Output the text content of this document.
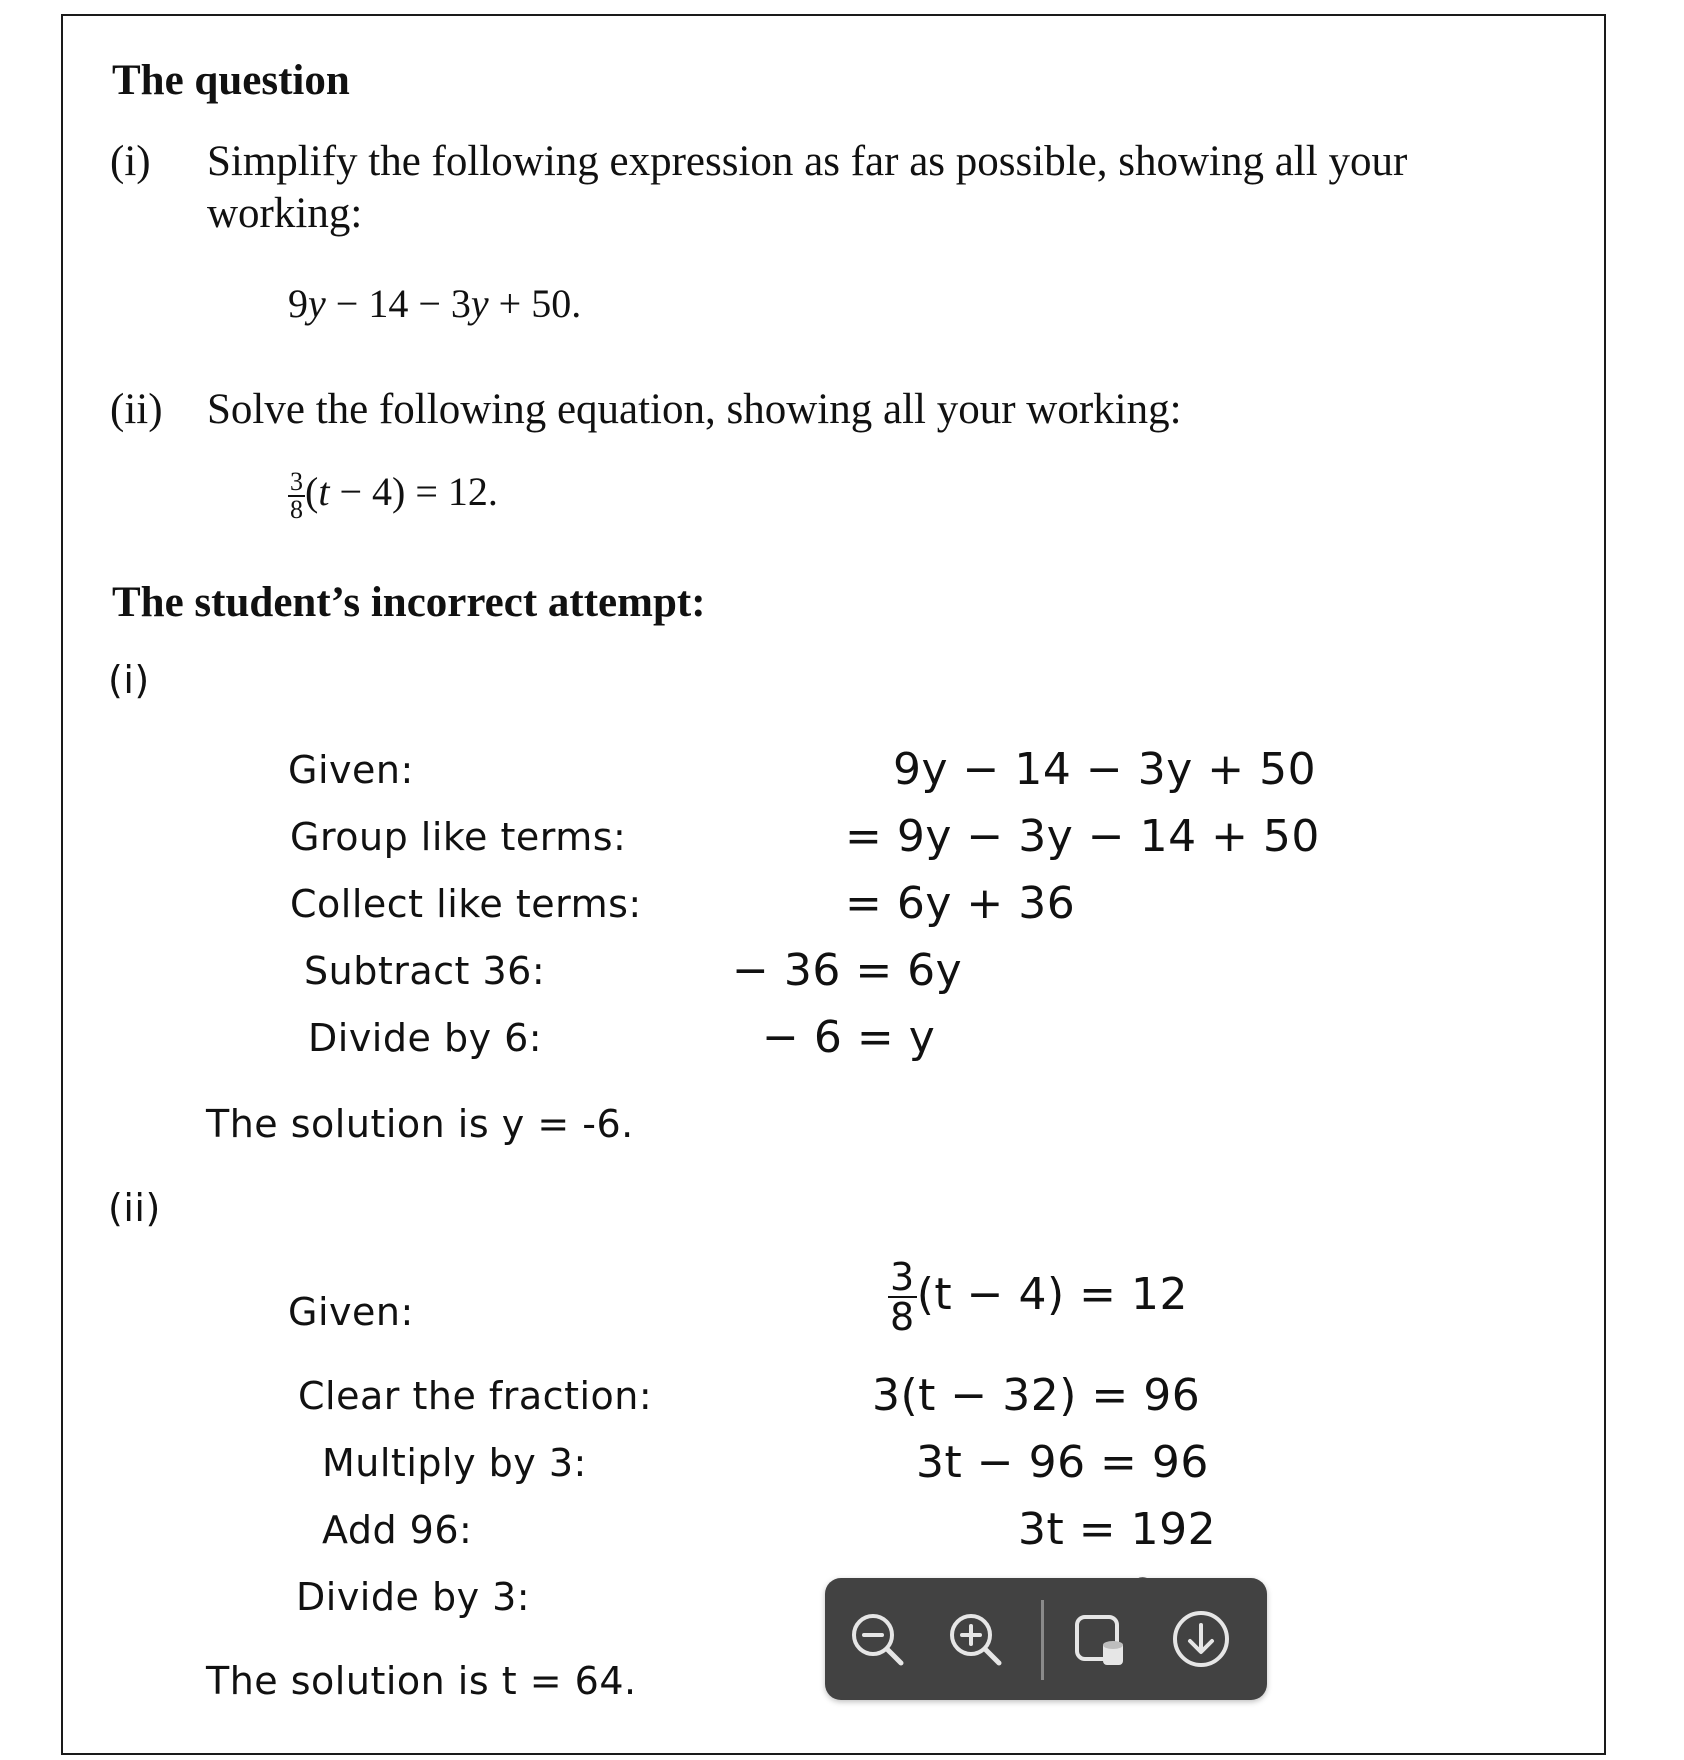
The question
(i) Simplify the following expression as far as possible, showing all your
working:
9y − 14 − 3y + 50.
(ii) Solve the following equation, showing all your working:
$\frac{3}{8} (t - 4) = 12$.
The student’s incorrect attempt:
(i)
Given:	9y − 14 − 3y + 50
Group like terms:	= 9y − 3y − 14 + 50
Collect like terms:	= 6y + 36
Subtract 36:	− 36 = 6y
Divide by 6:	− 6 = y
The solution is y = -6.
(ii)
Given:	$\frac{3}{8} (t - 4) = 12$
Clear the fraction:	3(t − 32) = 96
Multiply by 3:	3t − 96 = 96
Add 96:	3t = 192
Divide by 3:
The solution is t = 64.
